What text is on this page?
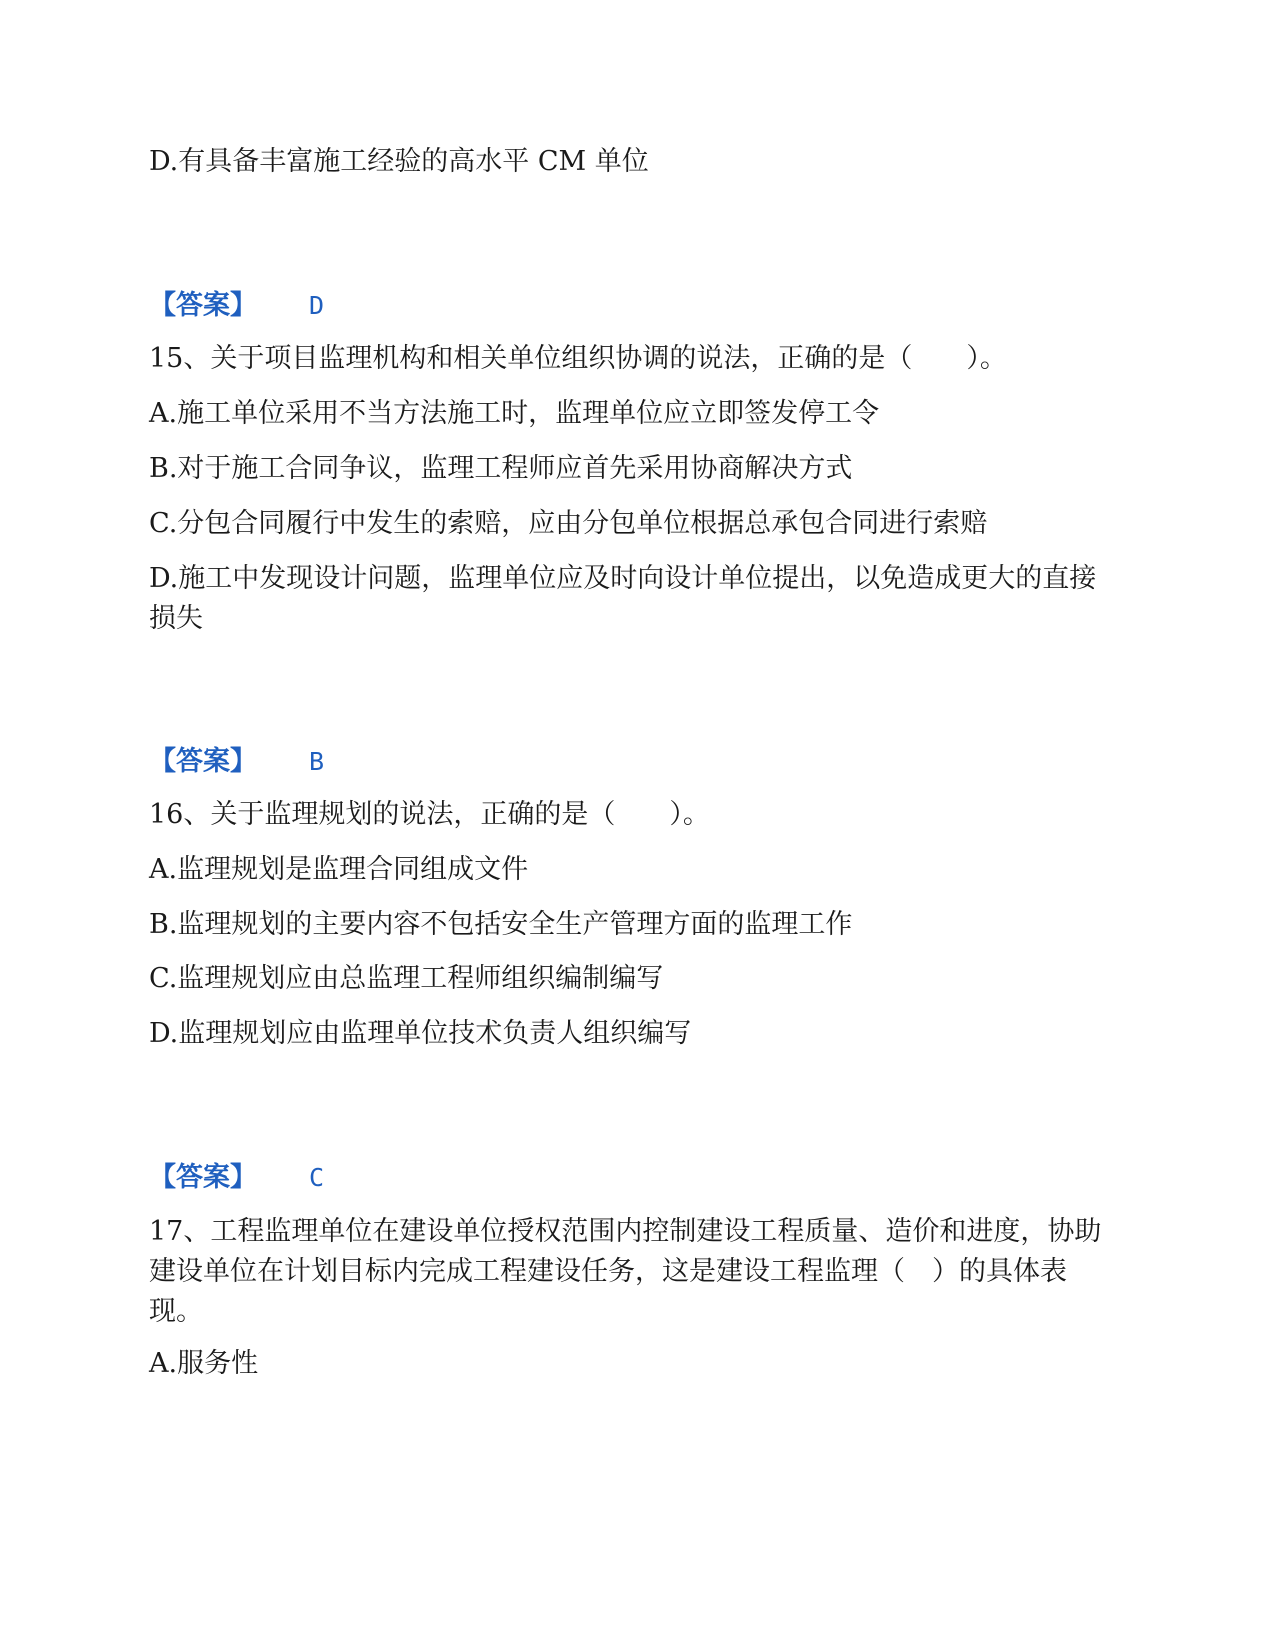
D.有具备丰富施工经验的高水平 CM 单位
【答案】 D
15、关于项目监理机构和相关单位组织协调的说法，正确的是（　　）。
A.施工单位采用不当方法施工时，监理单位应立即签发停工令
B.对于施工合同争议，监理工程师应首先采用协商解决方式
C.分包合同履行中发生的索赔，应由分包单位根据总承包合同进行索赔
D.施工中发现设计问题，监理单位应及时向设计单位提出，以免造成更大的直接损失
【答案】 B
16、关于监理规划的说法，正确的是（　　）。
A.监理规划是监理合同组成文件
B.监理规划的主要内容不包括安全生产管理方面的监理工作
C.监理规划应由总监理工程师组织编制编写
D.监理规划应由监理单位技术负责人组织编写
【答案】 C
17、工程监理单位在建设单位授权范围内控制建设工程质量、造价和进度，协助建设单位在计划目标内完成工程建设任务，这是建设工程监理（　）的具体表现。
A.服务性
